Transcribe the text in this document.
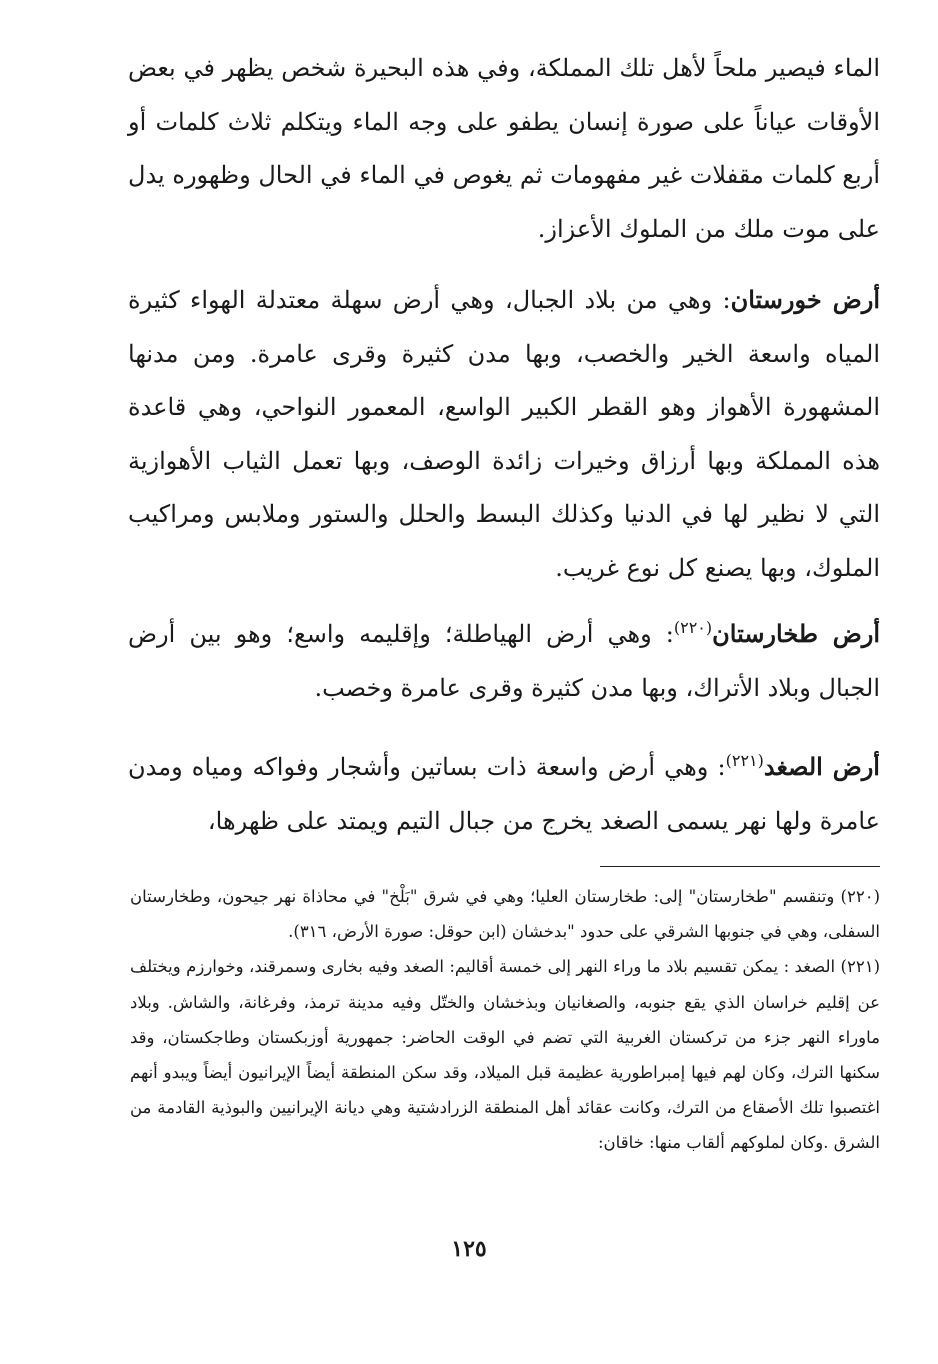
الماء فيصير ملحاً لأهل تلك المملكة، وفي هذه البحيرة شخص يظهر في بعض الأوقات عياناً على صورة إنسان يطفو على وجه الماء ويتكلم ثلاث كلمات أو أربع كلمات مقفلات غير مفهومات ثم يغوص في الماء في الحال وظهوره يدل على موت ملك من الملوك الأعزاز.

أرض خورستان: وهي من بلاد الجبال، وهي أرض سهلة معتدلة الهواء كثيرة المياه واسعة الخير والخصب، وبها مدن كثيرة وقرى عامرة. ومن مدنها المشهورة الأهواز وهو القطر الكبير الواسع، المعمور النواحي، وهي قاعدة هذه المملكة وبها أرزاق وخيرات زائدة الوصف، وبها تعمل الثياب الأهوازية التي لا نظير لها في الدنيا وكذلك البسط والحلل والستور وملابس ومراكيب الملوك، وبها يصنع كل نوع غريب.

أرض طخارستان$^{(٢٢٠)}$: وهي أرض الهياطلة؛ وإقليمه واسع؛ وهو بين أرض الجبال وبلاد الأتراك، وبها مدن كثيرة وقرى عامرة وخصب.

أرض الصغد$^{(٢٢١)}$: وهي أرض واسعة ذات بساتين وأشجار وفواكه ومياه ومدن عامرة ولها نهر يسمى الصغد يخرج من جبال التيم ويمتد على ظهرها،

(٢٢٠) وتنقسم "طخارستان" إلى: طخارستان العليا؛ وهي في شرق "بَلْخ" في محاذاة نهر جيحون، وطخارستان السفلى، وهي في جنوبها الشرقي على حدود "بدخشان (ابن حوقل: صورة الأرض، ٣١٦).

(٢٢١) الصغد : يمكن تقسيم بلاد ما وراء النهر إلى خمسة أقاليم: الصغد وفيه بخارى وسمرقند، وخوارزم ويختلف عن إقليم خراسان الذي يقع جنوبه، والصغانيان وبذخشان والختّل وفيه مدينة ترمذ، وفرغانة، والشاش. وبلاد ماوراء النهر جزء من تركستان الغربية التي تضم في الوقت الحاضر: جمهورية أوزبكستان وطاجكستان، وقد سكنها الترك، وكان لهم فيها إمبراطورية عظيمة قبل الميلاد، وقد سكن المنطقة أيضاً الإيرانيون أيضاً ويبدو أنهم اغتصبوا تلك الأصقاع من الترك، وكانت عقائد أهل المنطقة الزرادشتية وهي ديانة الإيرانيين والبوذية القادمة من الشرق .وكان لملوكهم ألقاب منها: خاقان:

١٢٥
